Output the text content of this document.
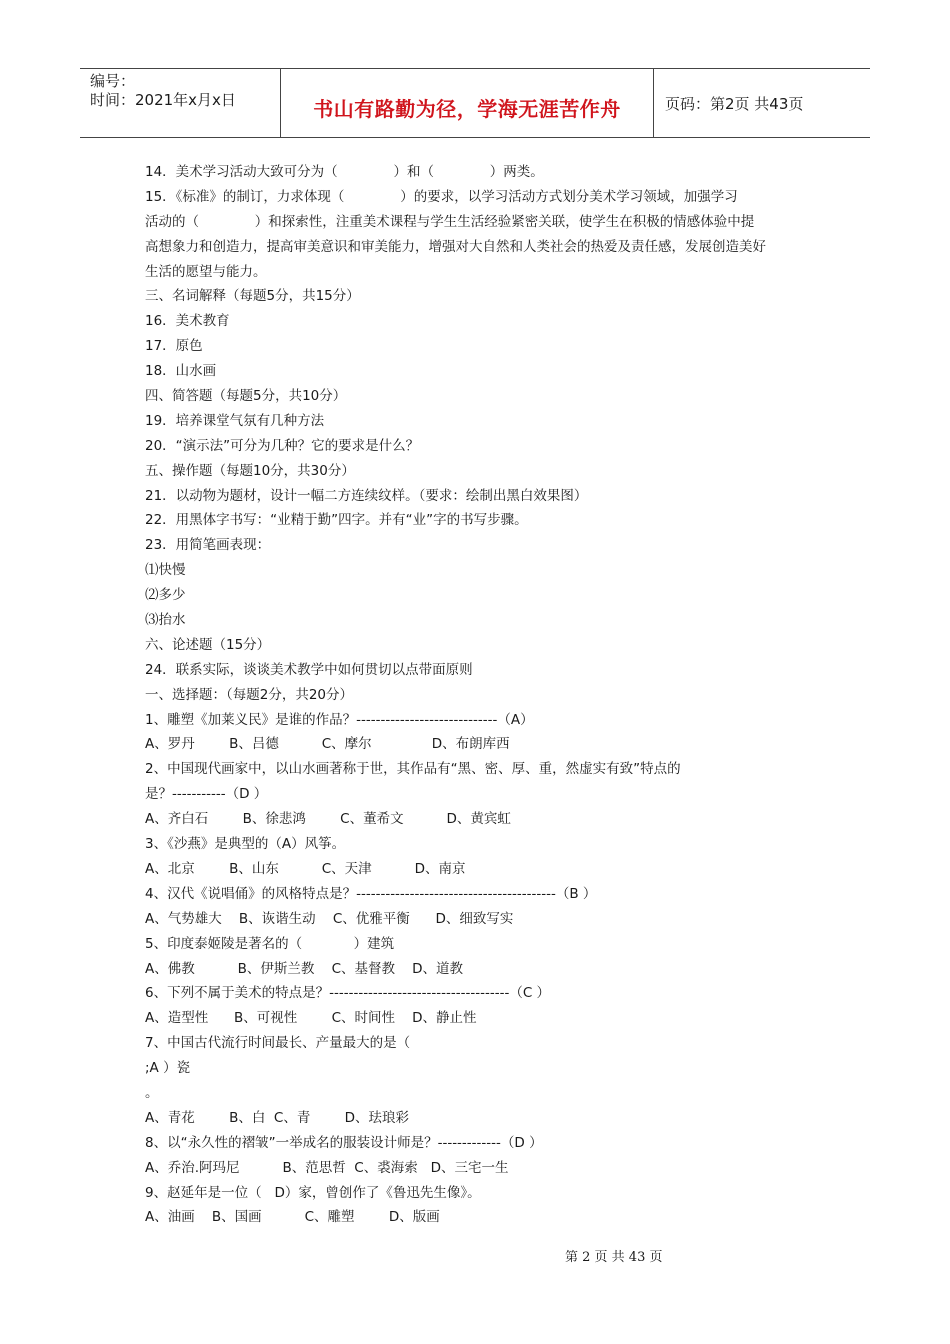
编号：
时间：2021年x月x日	书山有路勤为径，学海无涯苦作舟	页码：第2页 共43页
14．美术学习活动大致可分为（             ）和（             ）两类。
15．《标准》的制订，力求体现（             ）的要求，以学习活动方式划分美术学习领域，加强学习
活动的（             ）和探索性，注重美术课程与学生生活经验紧密关联，使学生在积极的情感体验中提
高想象力和创造力，提高审美意识和审美能力，增强对大自然和人类社会的热爱及责任感，发展创造美好
生活的愿望与能力。
三、名词解释（每题5分，共15分）
16．美术教育
17．原色
18．山水画
四、简答题（每题5分，共10分）
19．培养课堂气氛有几种方法
20．“演示法”可分为几种？它的要求是什么？
五、操作题（每题10分，共30分）
21．以动物为题材，设计一幅二方连续纹样。（要求：绘制出黑白效果图）
22．用黑体字书写：“业精于勤”四字。并有“业”字的书写步骤。
23．用简笔画表现：
⑴快慢
⑵多少
⑶抬水
六、论述题（15分）
24．联系实际，谈谈美术教学中如何贯切以点带面原则
一、选择题：（每题2分，共20分）
1、雕塑《加莱义民》是谁的作品？-----------------------------（A）
A、罗丹        B、吕德          C、摩尔              D、布朗库西
2、中国现代画家中，以山水画著称于世，其作品有“黑、密、厚、重，然虚实有致”特点的
是？-----------（D ）
A、齐白石        B、徐悲鸿        C、董希文          D、黄宾虹
3、《沙燕》是典型的（A）风筝。
A、北京        B、山东          C、天津          D、南京
4、汉代《说唱俑》的风格特点是？-----------------------------------------（B ）
A、气势雄大    B、诙谐生动    C、优雅平衡      D、细致写实
5、印度泰姬陵是著名的（            ）建筑
A、佛教          B、伊斯兰教    C、基督教    D、道教
6、下列不属于美术的特点是？-------------------------------------（C ）
A、造型性      B、可视性        C、时间性    D、静止性
7、中国古代流行时间最长、产量最大的是（
;A ）瓷
。
A、青花        B、白  C、青        D、珐琅彩
8、以“永久性的褶皱”一举成名的服装设计师是？-------------（D ）
A、乔治.阿玛尼          B、范思哲  C、裘海索   D、三宅一生
9、赵延年是一位（   D）家，曾创作了《鲁迅先生像》。
A、油画    B、国画          C、雕塑        D、版画
第 2 页 共 43 页
